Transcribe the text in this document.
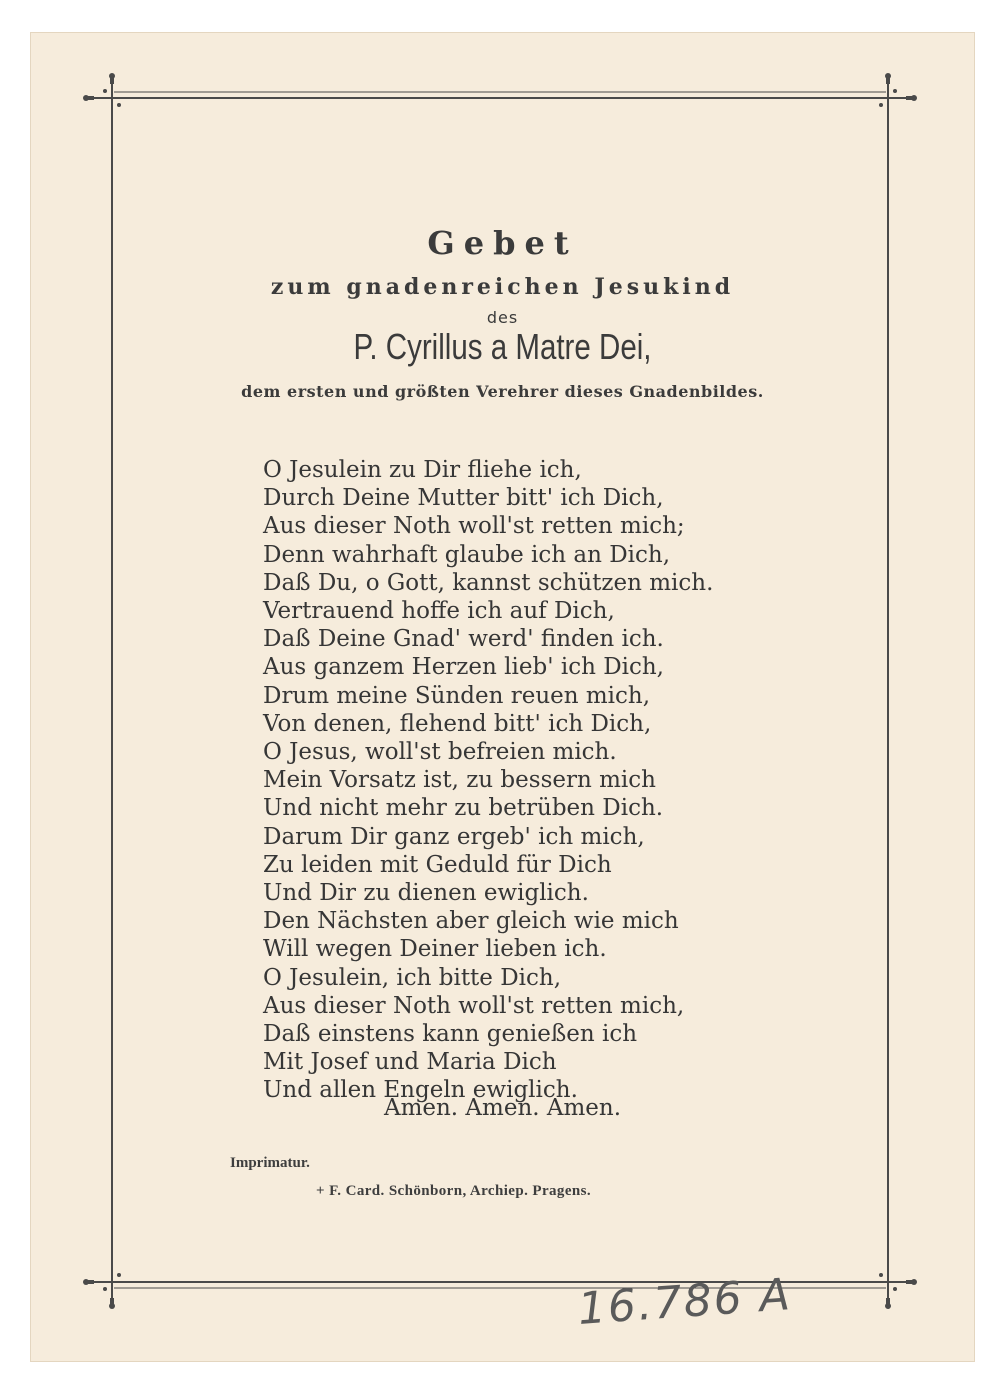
Gebet
zum gnadenreichen Jesukind
des
P. Cyrillus a Matre Dei,
dem ersten und größten Verehrer dieses Gnadenbildes.
O Jesulein zu Dir fliehe ich,
Durch Deine Mutter bitt' ich Dich,
Aus dieser Noth woll'st retten mich;
Denn wahrhaft glaube ich an Dich,
Daß Du, o Gott, kannst schützen mich.
Vertrauend hoffe ich auf Dich,
Daß Deine Gnad' werd' finden ich.
Aus ganzem Herzen lieb' ich Dich,
Drum meine Sünden reuen mich,
Von denen, flehend bitt' ich Dich,
O Jesus, woll'st befreien mich.
Mein Vorsatz ist, zu bessern mich
Und nicht mehr zu betrüben Dich.
Darum Dir ganz ergeb' ich mich,
Zu leiden mit Geduld für Dich
Und Dir zu dienen ewiglich.
Den Nächsten aber gleich wie mich
Will wegen Deiner lieben ich.
O Jesulein, ich bitte Dich,
Aus dieser Noth woll'st retten mich,
Daß einstens kann genießen ich
Mit Josef und Maria Dich
Und allen Engeln ewiglich.
Amen. Amen. Amen.
Imprimatur.
+ F. Card. Schönborn, Archiep. Pragens.
16.786 A
